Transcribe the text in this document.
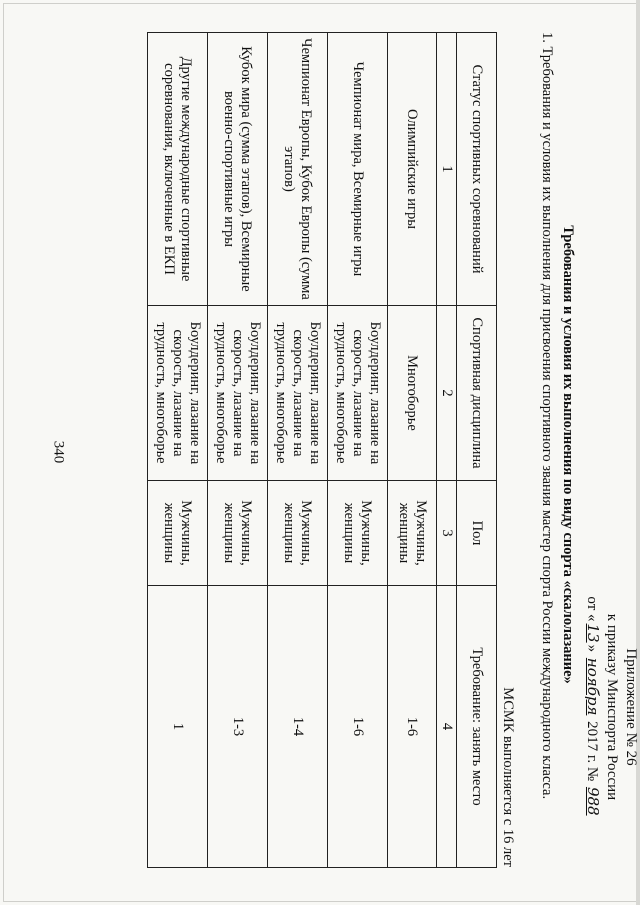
340
Приложение № 26
к приказу Минспорта России
от «13» ноября 2017 г. № 988
Требования и условия их выполнения по виду спорта «скалолазание»
1. Требования и условия их выполнения для присвоения спортивного звания мастер спорта России международного класса.
МСМК выполняется с 16 лет
Статус спортивных соревнований	Спортивная дисциплина	Пол	Требование: занять место
1	2	3	4
Олимпийские игры	Многоборье	Мужчины, женщины	1-6
Чемпионат мира, Всемирные игры	Боулдеринг, лазание на скорость, лазание на трудность, многоборье	Мужчины, женщины	1-6
Чемпионат Европы, Кубок Европы (сумма этапов)	Боулдеринг, лазание на скорость, лазание на трудность, многоборье	Мужчины, женщины	1-4
Кубок мира (сумма этапов), Всемирные военно-спортивные игры	Боулдеринг, лазание на скорость, лазание на трудность, многоборье	Мужчины, женщины	1-3
Другие международные спортивные соревнования, включенные в ЕКП	Боулдеринг, лазание на скорость, лазание на трудность, многоборье	Мужчины, женщины	1
